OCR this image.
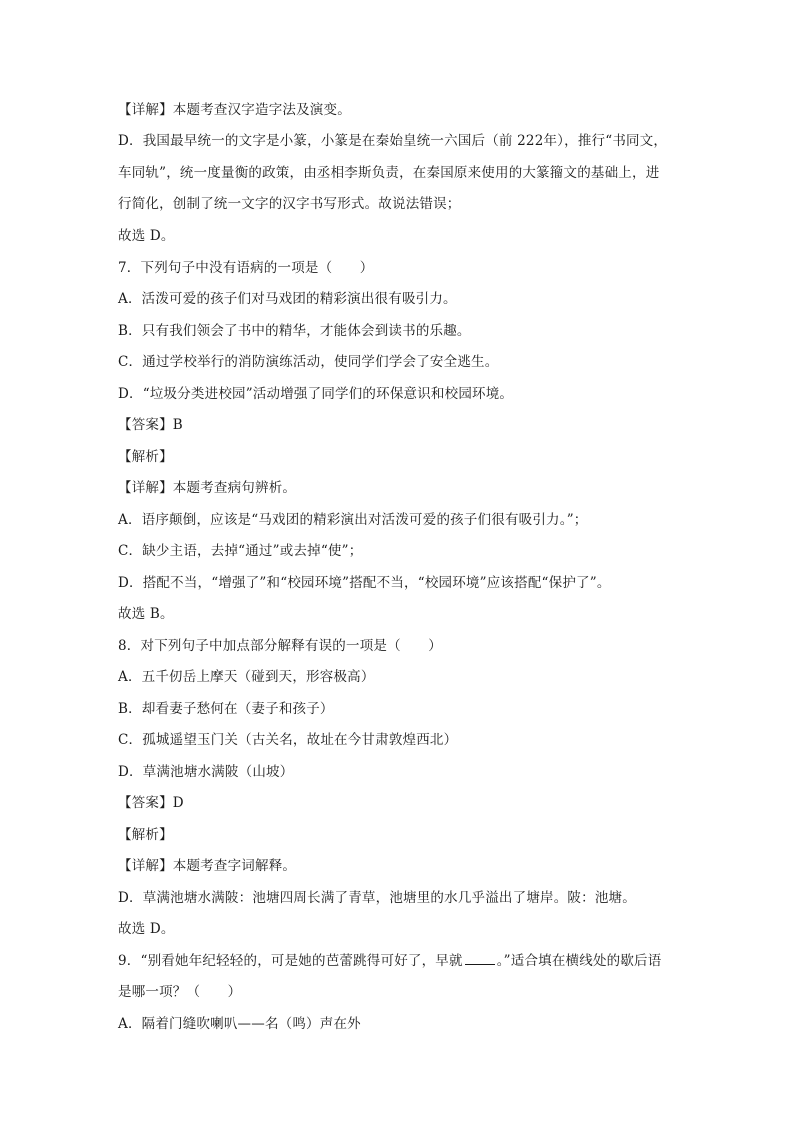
【详解】本题考查汉字造字法及演变。
D．我国最早统一的文字是小篆，小篆是在秦始皇统一六国后（前 222年），推行“书同文，
车同轨”，统一度量衡的政策，由丞相李斯负责，在秦国原来使用的大篆籀文的基础上，进
行简化，创制了统一文字的汉字书写形式。故说法错误；
故选 D。
7．下列句子中没有语病的一项是（　　）
A．活泼可爱的孩子们对马戏团的精彩演出很有吸引力。
B．只有我们领会了书中的精华，才能体会到读书的乐趣。
C．通过学校举行的消防演练活动，使同学们学会了安全逃生。
D．“垃圾分类进校园”活动增强了同学们的环保意识和校园环境。
【答案】B
【解析】
【详解】本题考查病句辨析。
A．语序颠倒，应该是“马戏团的精彩演出对活泼可爱的孩子们很有吸引力。”；
C．缺少主语，去掉“通过”或去掉“使”；
D．搭配不当，“增强了”和“校园环境”搭配不当，“校园环境”应该搭配“保护了”。
故选 B。
8．对下列句子中加点部分解释有误的一项是（　　）
A．五千仞岳上摩天（碰到天，形容极高）
B．却看妻子愁何在（妻子和孩子）
C．孤城遥望玉门关（古关名，故址在今甘肃敦煌西北）
D．草满池塘水满陂（山坡）
【答案】D
【解析】
【详解】本题考查字词解释。
D．草满池塘水满陂：池塘四周长满了青草，池塘里的水几乎溢出了塘岸。陂：池塘。
故选 D。
9．“别看她年纪轻轻的，可是她的芭蕾跳得可好了，早就	。”适合填在横线处的歇后语
是哪一项？（　　）
A．隔着门缝吹喇叭——名（鸣）声在外
